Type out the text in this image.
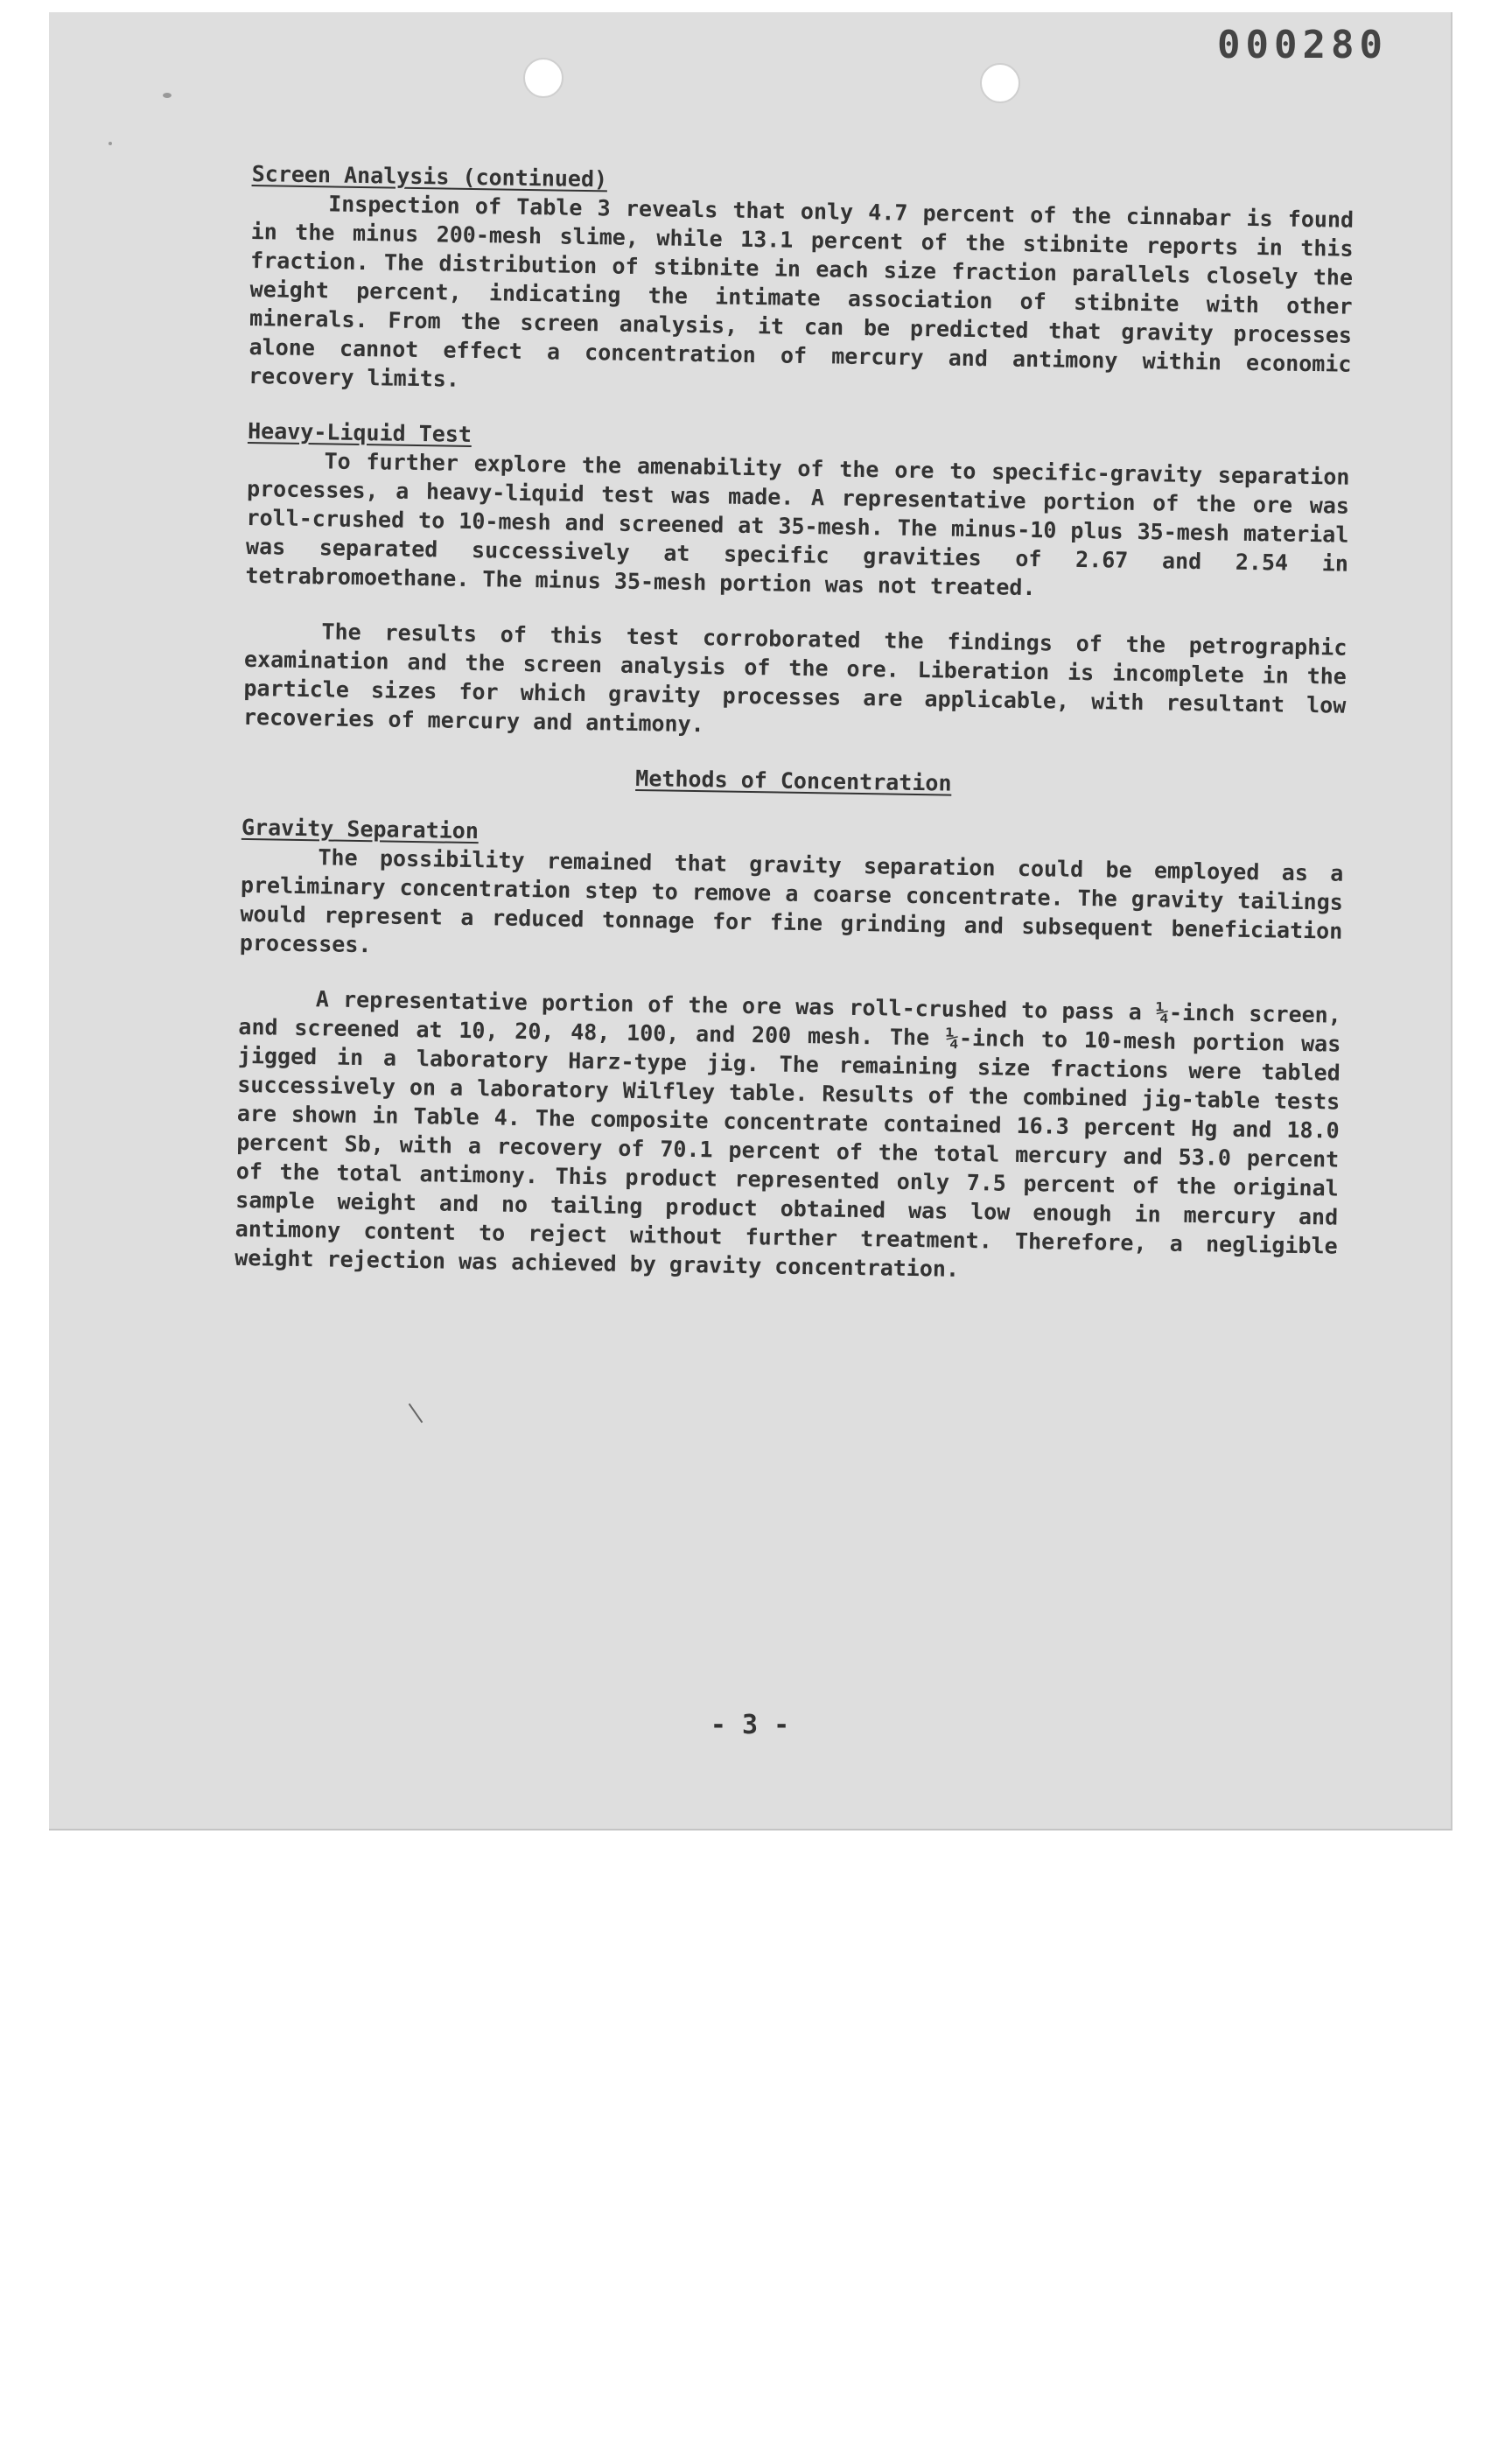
000280

Screen Analysis (continued)

Inspection of Table 3 reveals that only 4.7 percent of the cinnabar is found in the minus 200-mesh slime, while 13.1 percent of the stibnite reports in this fraction. The distribution of stibnite in each size fraction parallels closely the weight percent, indicating the intimate association of stibnite with other minerals. From the screen analysis, it can be predicted that gravity processes alone cannot effect a concentration of mercury and antimony within economic recovery limits.

Heavy-Liquid Test

To further explore the amenability of the ore to specific-gravity separation processes, a heavy-liquid test was made. A representative portion of the ore was roll-crushed to 10-mesh and screened at 35-mesh. The minus-10 plus 35-mesh material was separated successively at specific gravities of 2.67 and 2.54 in tetrabromoethane. The minus 35-mesh portion was not treated.

The results of this test corroborated the findings of the petrographic examination and the screen analysis of the ore. Liberation is incomplete in the particle sizes for which gravity processes are applicable, with resultant low recoveries of mercury and antimony.

Methods of Concentration

Gravity Separation

The possibility remained that gravity separation could be employed as a preliminary concentration step to remove a coarse concentrate. The gravity tailings would represent a reduced tonnage for fine grinding and subsequent beneficiation processes.

A representative portion of the ore was roll-crushed to pass a ¼-inch screen, and screened at 10, 20, 48, 100, and 200 mesh. The ¼-inch to 10-mesh portion was jigged in a laboratory Harz-type jig. The remaining size fractions were tabled successively on a laboratory Wilfley table. Results of the combined jig-table tests are shown in Table 4. The composite concentrate contained 16.3 percent Hg and 18.0 percent Sb, with a recovery of 70.1 percent of the total mercury and 53.0 percent of the total antimony. This product represented only 7.5 percent of the original sample weight and no tailing product obtained was low enough in mercury and antimony content to reject without further treatment. Therefore, a negligible weight rejection was achieved by gravity concentration.

- 3 -
